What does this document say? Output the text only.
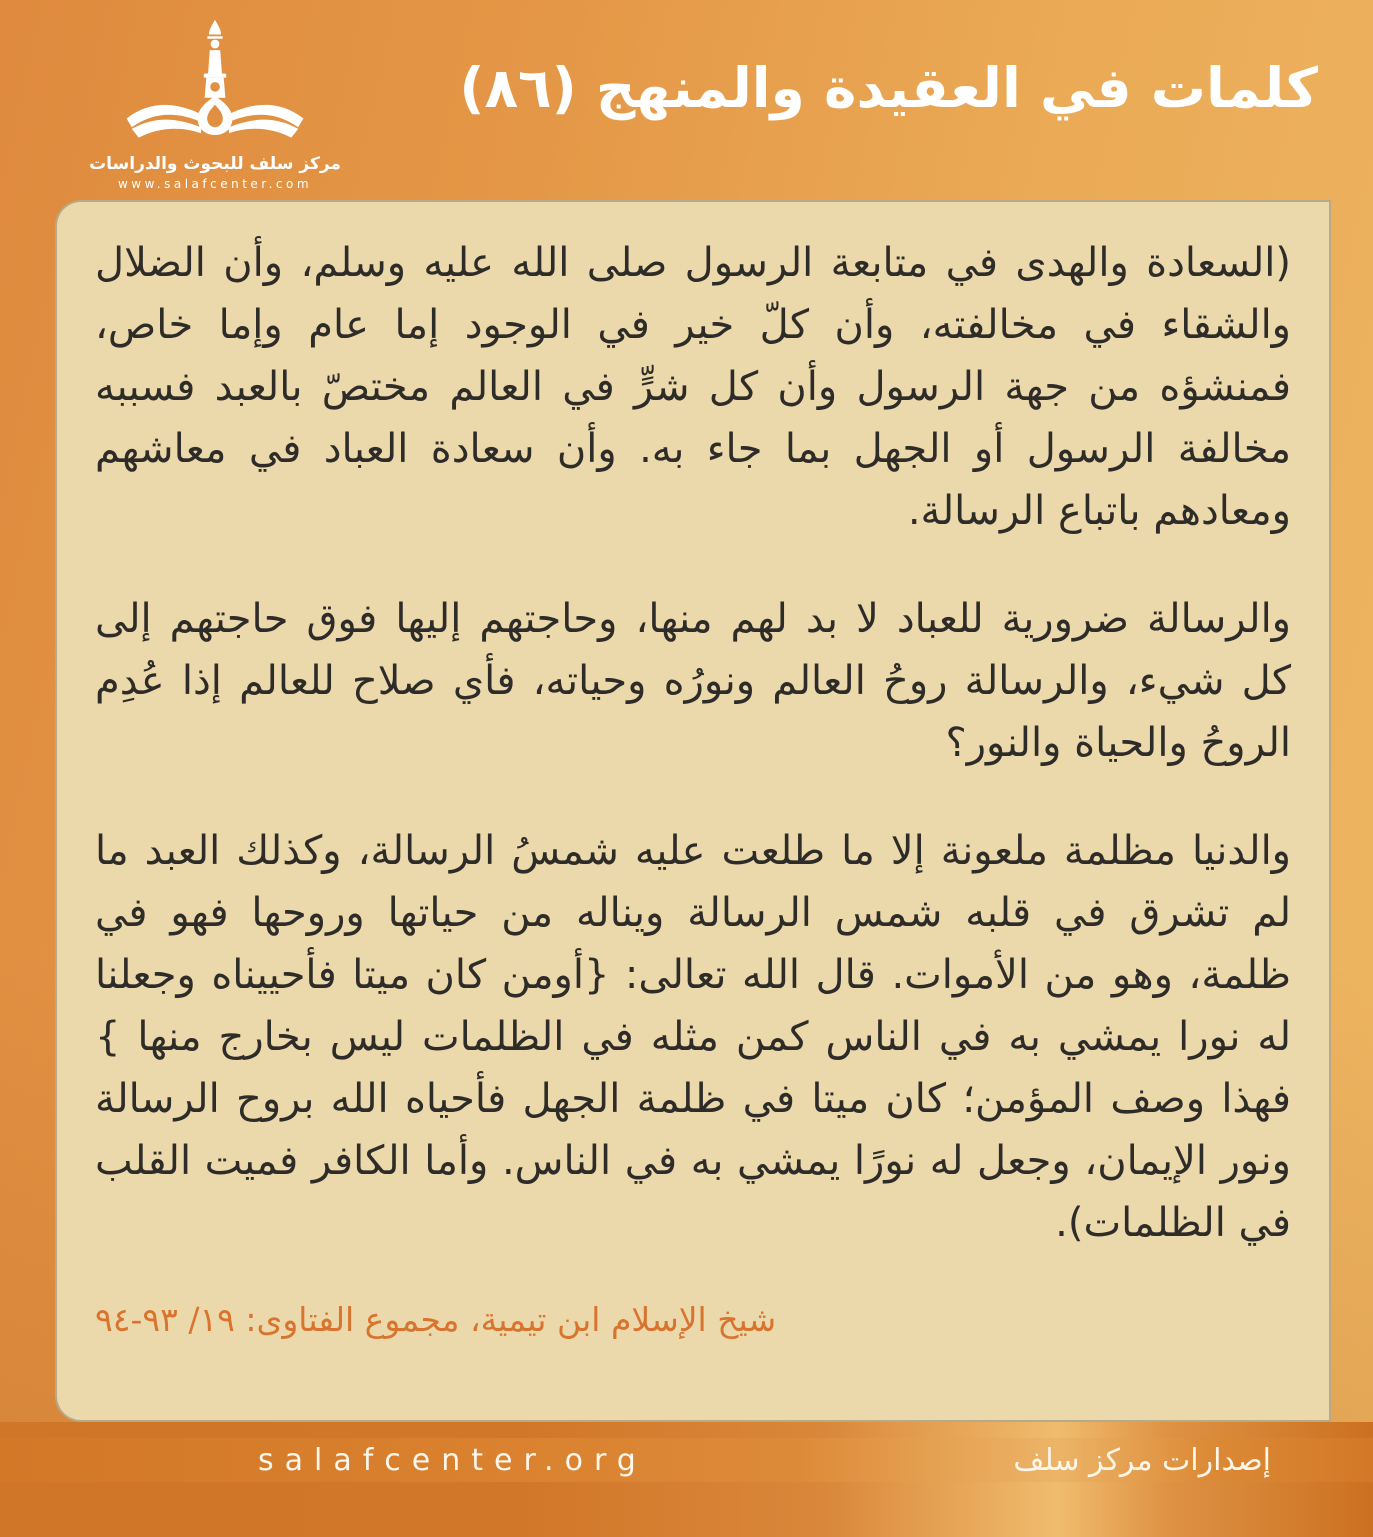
مركز سلف للبحوث والدراسات
www.salafcenter.com
كلمات في العقيدة والمنهج (٨٦)

(السعادة والهدى في متابعة الرسول صلى الله عليه وسلم، وأن الضلال والشقاء في مخالفته، وأن كلّ خير في الوجود إما عام وإما خاص، فمنشؤه من جهة الرسول وأن كل شرٍّ في العالم مختصّ بالعبد فسببه مخالفة الرسول أو الجهل بما جاء به. وأن سعادة العباد في معاشهم ومعادهم باتباع الرسالة.

والرسالة ضرورية للعباد لا بد لهم منها، وحاجتهم إليها فوق حاجتهم إلى كل شيء، والرسالة روحُ العالم ونورُه وحياته، فأي صلاح للعالم إذا عُدِم الروحُ والحياة والنور؟

والدنيا مظلمة ملعونة إلا ما طلعت عليه شمسُ الرسالة، وكذلك العبد ما لم تشرق في قلبه شمس الرسالة ويناله من حياتها وروحها فهو في ظلمة، وهو من الأموات. قال الله تعالى: {أومن كان ميتا فأحييناه وجعلنا له نورا يمشي به في الناس كمن مثله في الظلمات ليس بخارج منها } فهذا وصف المؤمن؛ كان ميتا في ظلمة الجهل فأحياه الله بروح الرسالة ونور الإيمان، وجعل له نورًا يمشي به في الناس. وأما الكافر فميت القلب في الظلمات).

شيخ الإسلام ابن تيمية، مجموع الفتاوى: ١٩/ ٩٣-٩٤

salafcenter.org	إصدارات مركز سلف
